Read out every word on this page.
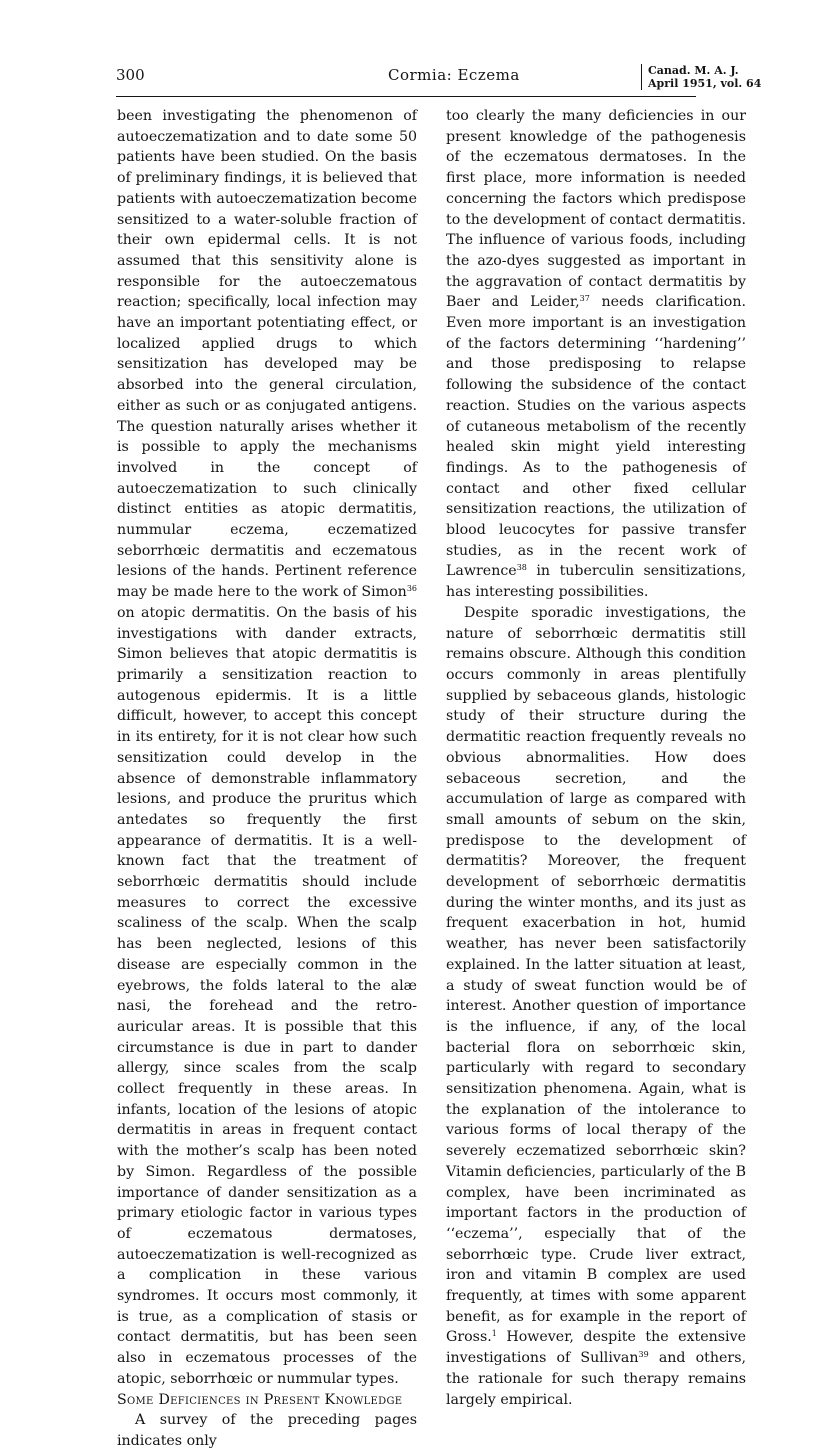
300	Cormia: Eczema	Canad. M. A. J.
April 1951, vol. 64

been investigating the phenomenon of autoeczematization and to date some 50 patients have been studied. On the basis of preliminary findings, it is believed that patients with autoeczematization become sensitized to a water-soluble fraction of their own epidermal cells. It is not assumed that this sensitivity alone is responsible for the autoeczematous reaction; specifically, local infection may have an important potentiating effect, or localized applied drugs to which sensitization has developed may be absorbed into the general circulation, either as such or as conjugated antigens. The question naturally arises whether it is possible to apply the mechanisms involved in the concept of autoeczematization to such clinically distinct entities as atopic dermatitis, nummular eczema, eczematized seborrhœic dermatitis and eczematous lesions of the hands. Pertinent reference may be made here to the work of Simon$^{36}$ on atopic dermatitis. On the basis of his investigations with dander extracts, Simon believes that atopic dermatitis is primarily a sensitization reaction to autogenous epidermis. It is a little difficult, however, to accept this concept in its entirety, for it is not clear how such sensitization could develop in the absence of demonstrable inflammatory lesions, and produce the pruritus which antedates so frequently the first appearance of dermatitis. It is a well-known fact that the treatment of seborrhœic dermatitis should include measures to correct the excessive scaliness of the scalp. When the scalp has been neglected, lesions of this disease are especially common in the eyebrows, the folds lateral to the alæ nasi, the forehead and the retro-auricular areas. It is possible that this circumstance is due in part to dander allergy, since scales from the scalp collect frequently in these areas. In infants, location of the lesions of atopic dermatitis in areas in frequent contact with the mother’s scalp has been noted by Simon. Regardless of the possible importance of dander sensitization as a primary etiologic factor in various types of eczematous dermatoses, autoeczematization is well-recognized as a complication in these various syndromes. It occurs most commonly, it is true, as a complication of stasis or contact dermatitis, but has been seen also in eczematous processes of the atopic, seborrhœic or nummular types.

Some Deficiences in Present Knowledge

A survey of the preceding pages indicates only

too clearly the many deficiencies in our present knowledge of the pathogenesis of the eczematous dermatoses. In the first place, more information is needed concerning the factors which predispose to the development of contact dermatitis. The influence of various foods, including the azo-dyes suggested as important in the aggravation of contact dermatitis by Baer and Leider,$^{37}$ needs clarification. Even more important is an investigation of the factors determining ‘‘hardening’’ and those predisposing to relapse following the subsidence of the contact reaction. Studies on the various aspects of cutaneous metabolism of the recently healed skin might yield interesting findings. As to the pathogenesis of contact and other fixed cellular sensitization reactions, the utilization of blood leucocytes for passive transfer studies, as in the recent work of Lawrence$^{38}$ in tuberculin sensitizations, has interesting possibilities.

Despite sporadic investigations, the nature of seborrhœic dermatitis still remains obscure. Although this condition occurs commonly in areas plentifully supplied by sebaceous glands, histologic study of their structure during the dermatitic reaction frequently reveals no obvious abnormalities. How does sebaceous secretion, and the accumulation of large as compared with small amounts of sebum on the skin, predispose to the development of dermatitis? Moreover, the frequent development of seborrhœic dermatitis during the winter months, and its just as frequent exacerbation in hot, humid weather, has never been satisfactorily explained. In the latter situation at least, a study of sweat function would be of interest. Another question of importance is the influence, if any, of the local bacterial flora on seborrhœic skin, particularly with regard to secondary sensitization phenomena. Again, what is the explanation of the intolerance to various forms of local therapy of the severely eczematized seborrhœic skin? Vitamin deficiencies, particularly of the B complex, have been incriminated as important factors in the production of ‘‘eczema’’, especially that of the seborrhœic type. Crude liver extract, iron and vitamin B complex are used frequently, at times with some apparent benefit, as for example in the report of Gross.$^1$ However, despite the extensive investigations of Sullivan$^{39}$ and others, the rationale for such therapy remains largely empirical.
